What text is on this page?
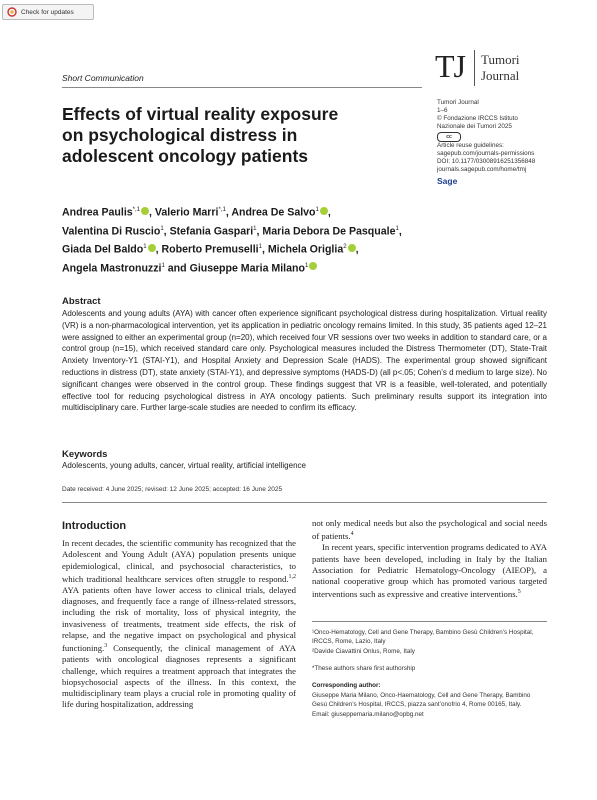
Check for updates
TJ Tumori
Journal
Short Communication
Effects of virtual reality exposure on psychological distress in adolescent oncology patients
Tumori Journal
1–6
© Fondazione IRCCS Istituto
Nazionale dei Tumori 2025
cc
Article reuse guidelines:
sagepub.com/journals-permissions
DOI: 10.1177/03008916251356848
journals.sagepub.com/home/tmj
Sage
Andrea Paulis$^{*,1}$ , Valerio Marri$^{*,1}$, Andrea De Salvo$^1$ ,
Valentina Di Ruscio$^1$, Stefania Gaspari$^1$, Maria Debora De Pasquale$^1$,
Giada Del Baldo$^1$ , Roberto Premuselli$^1$, Michela Origlia$^2$ ,
Angela Mastronuzzi$^1$ and Giuseppe Maria Milano$^1$
Abstract
Adolescents and young adults (AYA) with cancer often experience significant psychological distress during hospitalization. Virtual reality (VR) is a non-pharmacological intervention, yet its application in pediatric oncology remains limited. In this study, 35 patients aged 12–21 were assigned to either an experimental group (n=20), which received four VR sessions over two weeks in addition to standard care, or a control group (n=15), which received standard care only. Psychological measures included the Distress Thermometer (DT), State-Trait Anxiety Inventory-Y1 (STAI-Y1), and Hospital Anxiety and Depression Scale (HADS). The experimental group showed significant reductions in distress (DT), state anxiety (STAI-Y1), and depressive symptoms (HADS-D) (all p<.05; Cohen’s d medium to large size). No significant changes were observed in the control group. These findings suggest that VR is a feasible, well-tolerated, and potentially effective tool for reducing psychological distress in AYA oncology patients. Such preliminary results support its integration into multidisciplinary care. Further large-scale studies are needed to confirm its efficacy.
Keywords
Adolescents, young adults, cancer, virtual reality, artificial intelligence
Date received: 4 June 2025; revised: 12 June 2025; accepted: 16 June 2025
Introduction

In recent decades, the scientific community has recognized that the Adolescent and Young Adult (AYA) population presents unique epidemiological, clinical, and psychosocial characteristics, to which traditional healthcare services often struggle to respond.$^{1,2}$ AYA patients often have lower access to clinical trials, delayed diagnoses, and frequently face a range of illness-related stressors, including the risk of mortality, loss of physical integrity, the invasiveness of treatments, treatment side effects, the risk of relapse, and the negative impact on psychological and physical functioning.$^3$ Consequently, the clinical management of AYA patients with oncological diagnoses represents a significant challenge, which requires a treatment approach that integrates the biopsychosocial aspects of the illness. In this context, the multidisciplinary team plays a crucial role in promoting quality of life during hospitalization, addressing

not only medical needs but also the psychological and social needs of patients.$^4$

In recent years, specific intervention programs dedicated to AYA patients have been developed, including in Italy by the Italian Association for Pediatric Hematology-Oncology (AIEOP), a national cooperative group which has promoted various targeted interventions such as expressive and creative interventions.$^5$

¹Onco-Hematology, Cell and Gene Therapy, Bambino Gesù Children’s Hospital, IRCCS, Rome, Lazio, Italy
²Davide Ciavattini Onlus, Rome, Italy
*These authors share first authorship
Corresponding author:
Giuseppe Maria Milano, Onco-Haematology, Cell and Gene Therapy, Bambino Gesù Children’s Hospital, IRCCS, piazza sant’onofrio 4, Rome 00165, Italy.
Email: giuseppemaria.milano@opbg.net
